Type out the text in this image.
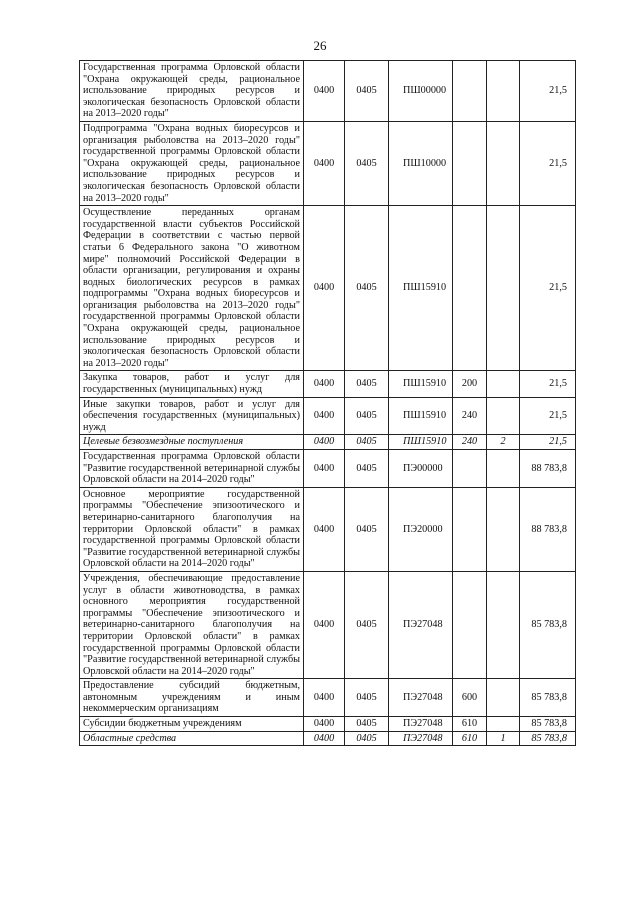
26
Государственная программа Орловской области "Охрана окружающей среды, рациональное использование природных ресурсов и экологическая безопасность Орловской области на 2013–2020 годы"	0400	0405	ПШ00000			21,5
Подпрограмма "Охрана водных биоресурсов и организация рыболовства на 2013–2020 годы" государственной программы Орловской области "Охрана окружающей среды, рациональное использование природных ресурсов и экологическая безопасность Орловской области на 2013–2020 годы"	0400	0405	ПШ10000			21,5
Осуществление переданных органам государственной власти субъектов Российской Федерации в соответствии с частью первой статьи 6 Федерального закона "О животном мире" полномочий Российской Федерации в области организации, регулирования и охраны водных биологических ресурсов в рамках подпрограммы "Охрана водных биоресурсов и организация рыболовства на 2013–2020 годы" государственной программы Орловской области "Охрана окружающей среды, рациональное использование природных ресурсов и экологическая безопасность Орловской области на 2013–2020 годы"	0400	0405	ПШ15910			21,5
Закупка товаров, работ и услуг для государственных (муниципальных) нужд	0400	0405	ПШ15910	200		21,5
Иные закупки товаров, работ и услуг для обеспечения государственных (муниципальных) нужд	0400	0405	ПШ15910	240		21,5
Целевые безвозмездные поступления	0400	0405	ПШ15910	240	2	21,5
Государственная программа Орловской области "Развитие государственной ветеринарной службы Орловской области на 2014–2020 годы"	0400	0405	ПЭ00000			88 783,8
Основное мероприятие государственной программы "Обеспечение эпизоотического и ветеринарно-санитарного благополучия на территории Орловской области" в рамках государственной программы Орловской области "Развитие государственной ветеринарной службы Орловской области на 2014–2020 годы"	0400	0405	ПЭ20000			88 783,8
Учреждения, обеспечивающие предоставление услуг в области животноводства, в рамках основного мероприятия государственной программы "Обеспечение эпизоотического и ветеринарно-санитарного благополучия на территории Орловской области" в рамках государственной программы Орловской области "Развитие государственной ветеринарной службы Орловской области на 2014–2020 годы"	0400	0405	ПЭ27048			85 783,8
Предоставление субсидий бюджетным, автономным учреждениям и иным некоммерческим организациям	0400	0405	ПЭ27048	600		85 783,8
Субсидии бюджетным учреждениям	0400	0405	ПЭ27048	610		85 783,8
Областные средства	0400	0405	ПЭ27048	610	1	85 783,8
